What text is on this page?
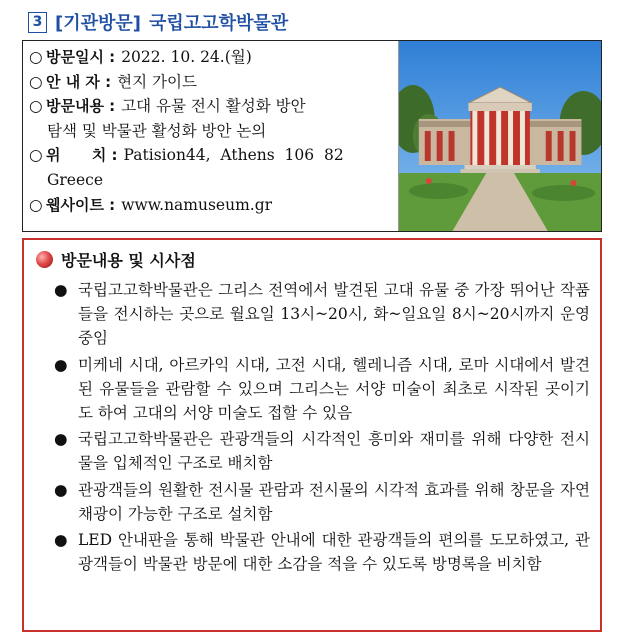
3 [기관방문] 국립고고학박물관
○ 방문일시 : 2022. 10. 24.(월)
○ 안 내 자 : 현지 가이드
○ 방문내용 : 고대 유물 전시 활성화 방안
탐색 및 박물관 활성화 방안 논의
○ 위      치 : Patision44,  Athens  106  82
Greece
○ 웹사이트 : www.namuseum.gr
방문내용 및 시사점
● 국립고고학박물관은 그리스 전역에서 발견된 고대 유물 중 가장 뛰어난 작품들을 전시하는 곳으로 월요일 13시~20시, 화~일요일 8시~20시까지 운영 중임
● 미케네 시대, 아르카익 시대, 고전 시대, 헬레니즘 시대, 로마 시대에서 발견된 유물들을 관람할 수 있으며 그리스는 서양 미술이 최초로 시작된 곳이기도 하여 고대의 서양 미술도 접할 수 있음
● 국립고고학박물관은 관광객들의 시각적인 흥미와 재미를 위해 다양한 전시물을 입체적인 구조로 배치함
● 관광객들의 원활한 전시물 관람과 전시물의 시각적 효과를 위해 창문을 자연채광이 가능한 구조로 설치함
● LED 안내판을 통해 박물관 안내에 대한 관광객들의 편의를 도모하였고, 관광객들이 박물관 방문에 대한 소감을 적을 수 있도록 방명록을 비치함
